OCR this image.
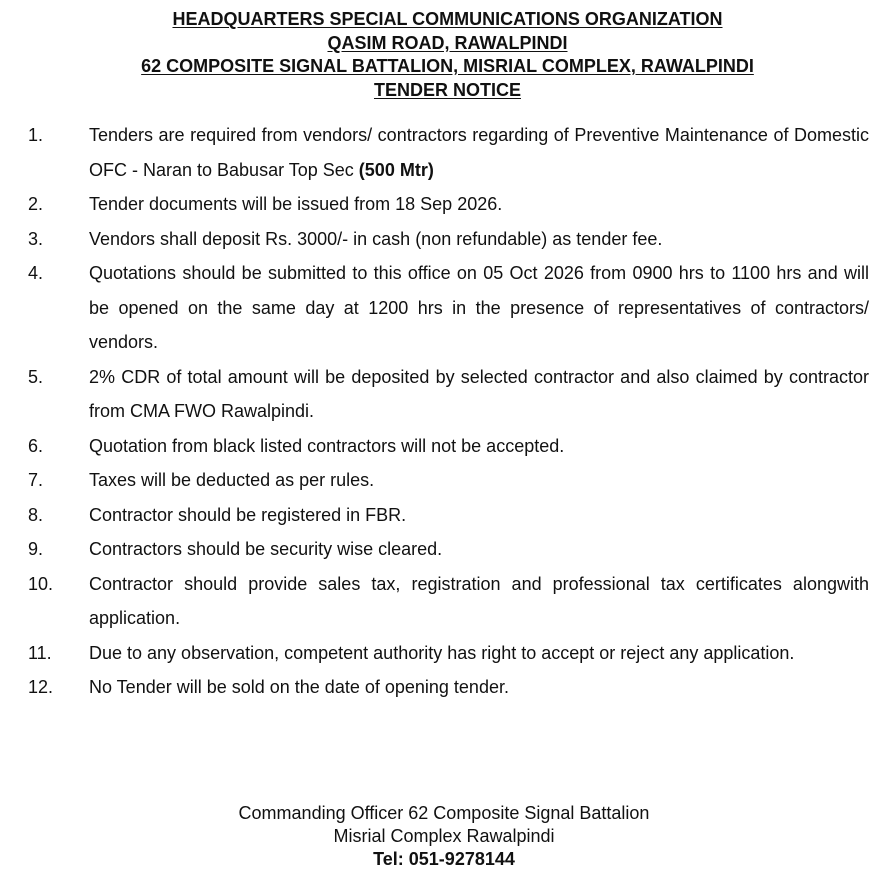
HEADQUARTERS SPECIAL COMMUNICATIONS ORGANIZATION
QASIM ROAD, RAWALPINDI
62 COMPOSITE SIGNAL BATTALION, MISRIAL COMPLEX, RAWALPINDI
TENDER NOTICE
1.	Tenders are required from vendors/ contractors regarding of Preventive Maintenance of Domestic OFC - Naran to Babusar Top Sec (500 Mtr)
2.	Tender documents will be issued from 18 Sep 2026.
3.	Vendors shall deposit Rs. 3000/- in cash (non refundable) as tender fee.
4.	Quotations should be submitted to this office on 05 Oct 2026 from 0900 hrs to 1100 hrs and will be opened on the same day at 1200 hrs in the presence of representatives of contractors/ vendors.
5.	2% CDR of total amount will be deposited by selected contractor and also claimed by contractor from CMA FWO Rawalpindi.
6.	Quotation from black listed contractors will not be accepted.
7.	Taxes will be deducted as per rules.
8.	Contractor should be registered in FBR.
9.	Contractors should be security wise cleared.
10. Contractor should provide sales tax, registration and professional tax certificates alongwith application.
11. Due to any observation, competent authority has right to accept or reject any application.
12. No Tender will be sold on the date of opening tender.
Commanding Officer 62 Composite Signal Battalion
Misrial Complex Rawalpindi
Tel: 051-9278144
